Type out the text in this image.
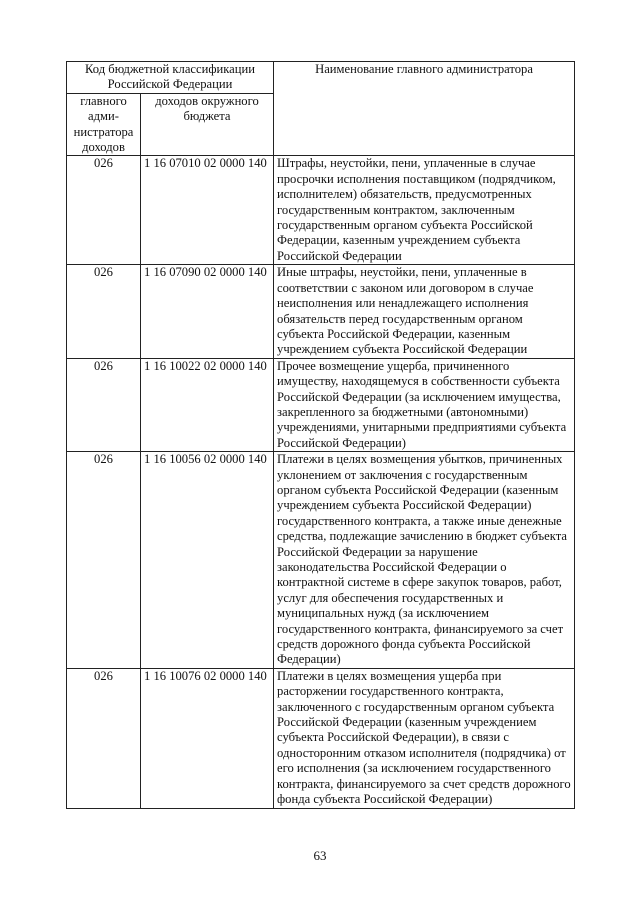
Код бюджетной классификации Российской Федерации		Наименование главного администратора
главного адми-нистратора доходов	доходов окружного бюджета	
026	1 16 07010 02 0000 140	Штрафы, неустойки, пени, уплаченные в случае просрочки исполнения поставщиком (подрядчиком, исполнителем) обязательств, предусмотренных государственным контрактом, заключенным государственным органом субъекта Российской Федерации, казенным учреждением субъекта Российской Федерации
026	1 16 07090 02 0000 140	Иные штрафы, неустойки, пени, уплаченные в соответствии с законом или договором в случае неисполнения или ненадлежащего исполнения обязательств перед государственным органом субъекта Российской Федерации, казенным учреждением субъекта Российской Федерации
026	1 16 10022 02 0000 140	Прочее возмещение ущерба, причиненного имуществу, находящемуся в собственности субъекта Российской Федерации (за исключением имущества, закрепленного за бюджетными (автономными) учреждениями, унитарными предприятиями субъекта Российской Федерации)
026	1 16 10056 02 0000 140	Платежи в целях возмещения убытков, причиненных уклонением от заключения с государственным органом субъекта Российской Федерации (казенным учреждением субъекта Российской Федерации) государственного контракта, а также иные денежные средства, подлежащие зачислению в бюджет субъекта Российской Федерации за нарушение законодательства Российской Федерации о контрактной системе в сфере закупок товаров, работ, услуг для обеспечения государственных и муниципальных нужд (за исключением государственного контракта, финансируемого за счет средств дорожного фонда субъекта Российской Федерации)
026	1 16 10076 02 0000 140	Платежи в целях возмещения ущерба при расторжении государственного контракта, заключенного с государственным органом субъекта Российской Федерации (казенным учреждением субъекта Российской Федерации), в связи с односторонним отказом исполнителя (подрядчика) от его исполнения (за исключением государственного контракта, финансируемого за счет средств дорожного фонда субъекта Российской Федерации)
63
